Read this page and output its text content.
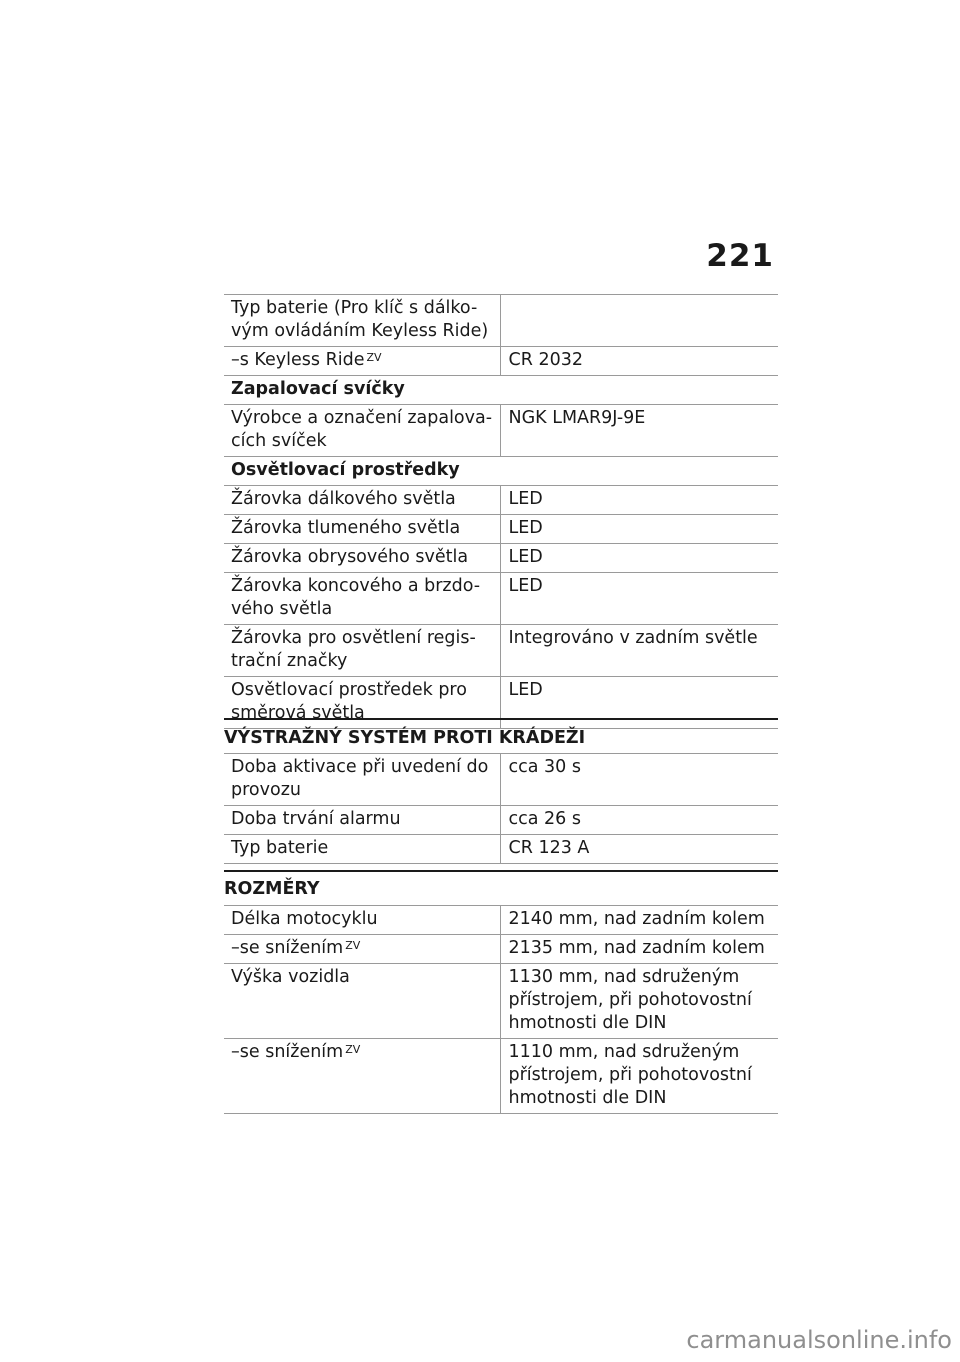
221
Typ baterie (Pro klíč s dálko-vým ovládáním Keyless Ride)	
–s Keyless Ride $^{ZV}$	CR 2032
Zapalovací svíčky	
Výrobce a označení zapalova-cích svíček	NGK LMAR9J-9E
Osvětlovací prostředky	
Žárovka dálkového světla	LED
Žárovka tlumeného světla	LED
Žárovka obrysového světla	LED
Žárovka koncového a brzdo-vého světla	LED
Žárovka pro osvětlení regis-trační značky	Integrováno v zadním světle
Osvětlovací prostředek pro směrová světla	LED
VÝSTRAŽNÝ SYSTÉM PROTI KRÁDEŽI
Doba aktivace při uvedení do provozu	cca 30 s
Doba trvání alarmu	cca 26 s
Typ baterie	CR 123 A
ROZMĚRY
Délka motocyklu	2140 mm, nad zadním kolem
–se snížením $^{ZV}$	2135 mm, nad zadním kolem
Výška vozidla	1130 mm, nad sdruženým přístrojem, při pohotovostní hmotnosti dle DIN
–se snížením $^{ZV}$	1110 mm, nad sdruženým přístrojem, při pohotovostní hmotnosti dle DIN
carmanualsonline.info
